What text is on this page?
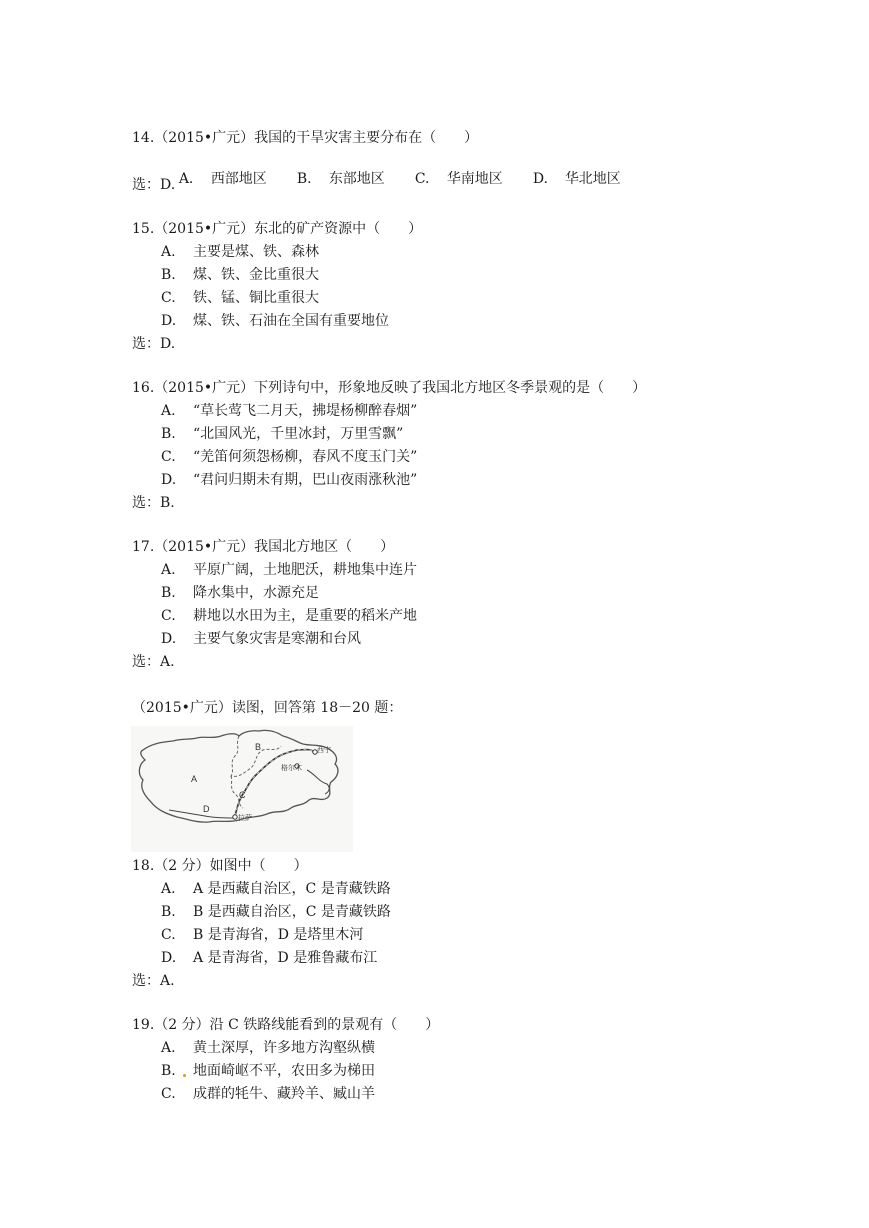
14.（2015•广元）我国的干旱灾害主要分布在（　　）

A. 西部地区 B. 东部地区 C. 华南地区 D. 华北地区

选：D.
15.（2015•广元）东北的矿产资源中（　　）
A. 主要是煤、铁、森林
B. 煤、铁、金比重很大
C. 铁、锰、铜比重很大
D. 煤、铁、石油在全国有重要地位
选：D.
16.（2015•广元）下列诗句中，形象地反映了我国北方地区冬季景观的是（　　）
A. “草长莺飞二月天，拂堤杨柳醉春烟”
B. “北国风光，千里冰封，万里雪飘”
C. “羌笛何须怨杨柳，春风不度玉门关”
D. “君问归期未有期，巴山夜雨涨秋池”
选：B.
17.（2015•广元）我国北方地区（　　）
A. 平原广阔，土地肥沃，耕地集中连片
B. 降水集中，水源充足
C. 耕地以水田为主，是重要的稻米产地
D. 主要气象灾害是寒潮和台风
选：A.
（2015•广元）读图，回答第 18－20 题：
A
B
C
D
西宁
格尔木
拉萨
18.（2 分）如图中（　　）
A. A 是西藏自治区，C 是青藏铁路
B. B 是西藏自治区，C 是青藏铁路
C. B 是青海省，D 是塔里木河
D. A 是青海省，D 是雅鲁藏布江
选：A.
19.（2 分）沿 C 铁路线能看到的景观有（　　）
A. 黄土深厚，许多地方沟壑纵横
B. 地面崎岖不平，农田多为梯田
C. 成群的牦牛、藏羚羊、臧山羊
